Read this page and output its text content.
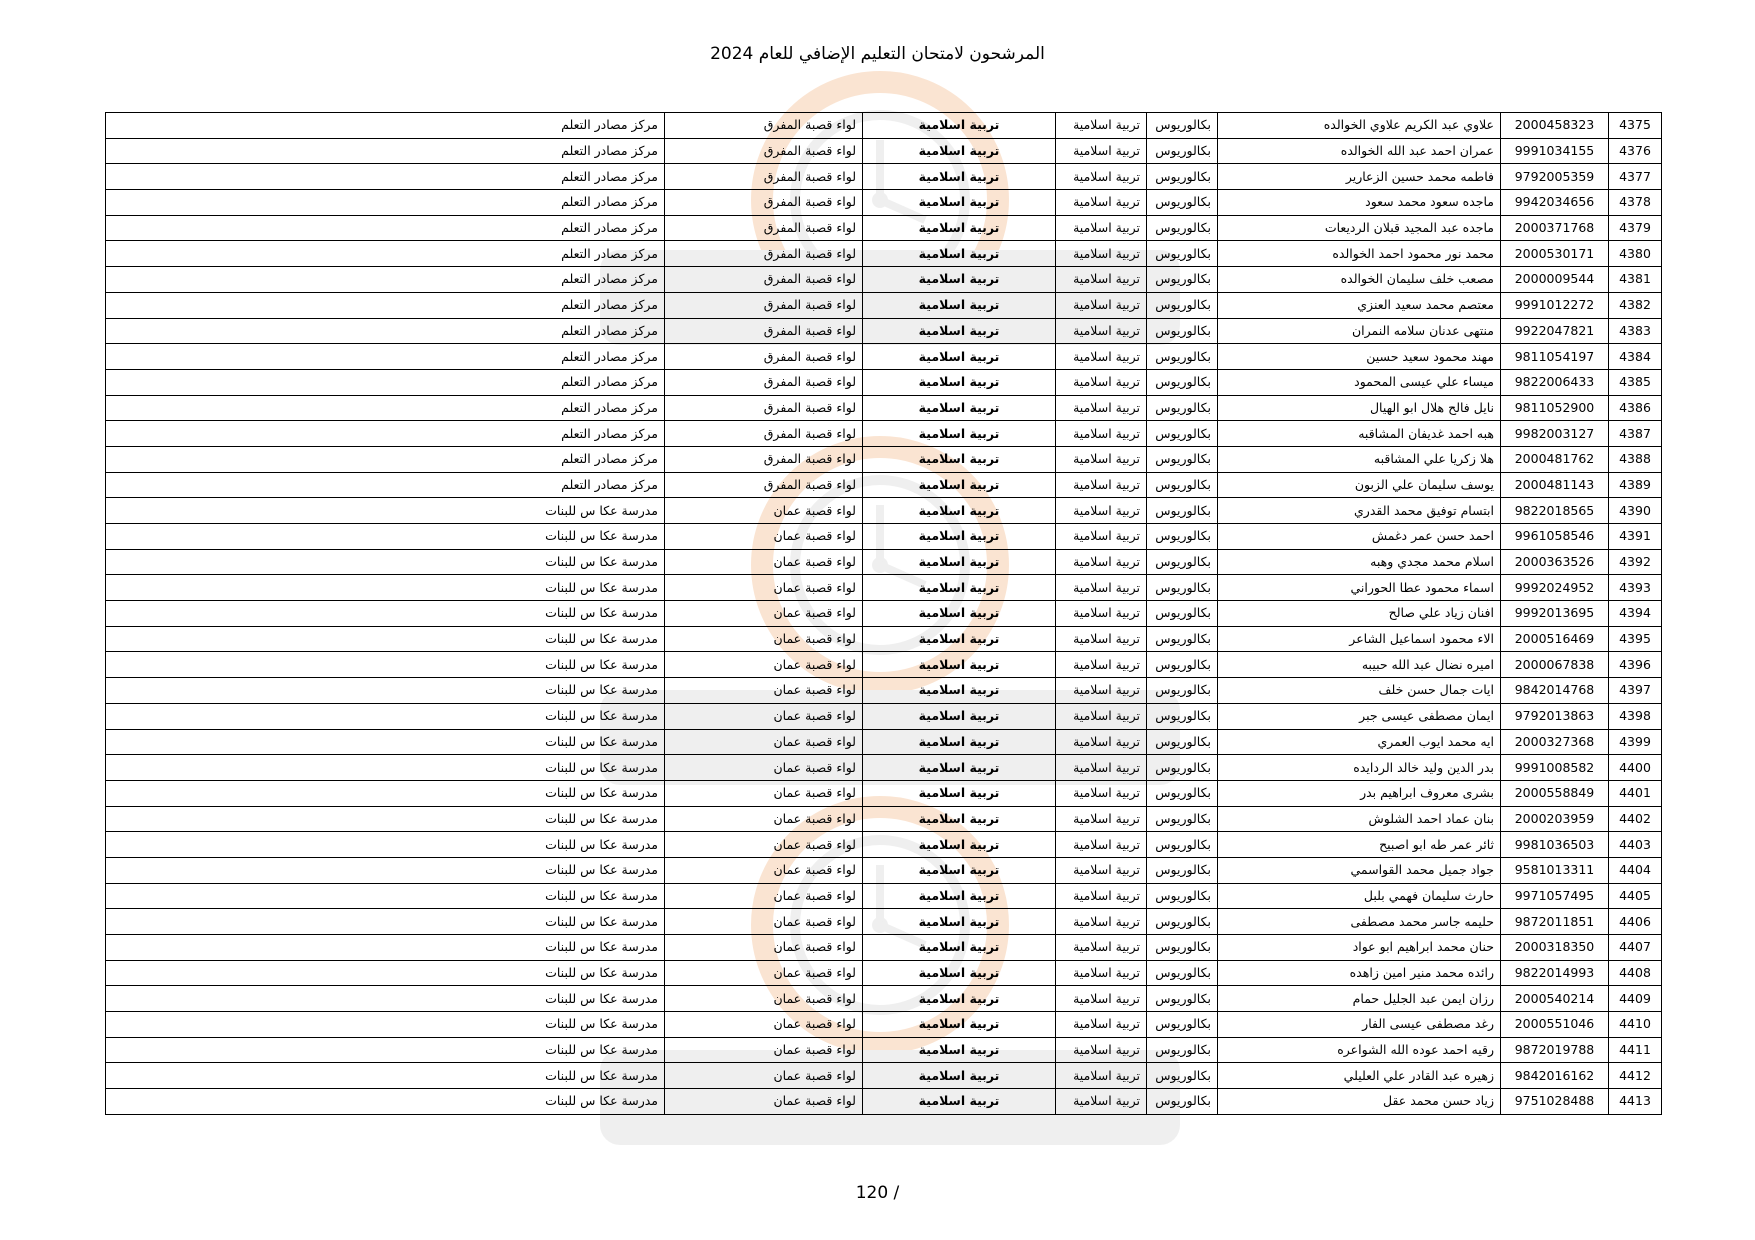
المرشحون لامتحان التعليم الإضافي للعام 2024
4375	2000458323	علاوي عبد الكريم علاوي الخوالده	بكالوريوس	تربية اسلامية	تربية اسلامية	لواء قصبة المفرق	مركز مصادر التعلم
4376	9991034155	عمران احمد عبد الله الخوالده	بكالوريوس	تربية اسلامية	تربية اسلامية	لواء قصبة المفرق	مركز مصادر التعلم
4377	9792005359	فاطمه محمد حسين الزعارير	بكالوريوس	تربية اسلامية	تربية اسلامية	لواء قصبة المفرق	مركز مصادر التعلم
4378	9942034656	ماجده سعود محمد سعود	بكالوريوس	تربية اسلامية	تربية اسلامية	لواء قصبة المفرق	مركز مصادر التعلم
4379	2000371768	ماجده عبد المجيد قبلان الرديعات	بكالوريوس	تربية اسلامية	تربية اسلامية	لواء قصبة المفرق	مركز مصادر التعلم
4380	2000530171	محمد نور محمود احمد الخوالده	بكالوريوس	تربية اسلامية	تربية اسلامية	لواء قصبة المفرق	مركز مصادر التعلم
4381	2000009544	مصعب خلف سليمان الخوالده	بكالوريوس	تربية اسلامية	تربية اسلامية	لواء قصبة المفرق	مركز مصادر التعلم
4382	9991012272	معتصم محمد سعيد العنزي	بكالوريوس	تربية اسلامية	تربية اسلامية	لواء قصبة المفرق	مركز مصادر التعلم
4383	9922047821	منتهى عدنان سلامه النمران	بكالوريوس	تربية اسلامية	تربية اسلامية	لواء قصبة المفرق	مركز مصادر التعلم
4384	9811054197	مهند محمود سعيد حسين	بكالوريوس	تربية اسلامية	تربية اسلامية	لواء قصبة المفرق	مركز مصادر التعلم
4385	9822006433	ميساء علي عيسى المحمود	بكالوريوس	تربية اسلامية	تربية اسلامية	لواء قصبة المفرق	مركز مصادر التعلم
4386	9811052900	نايل فالح هلال ابو الهيال	بكالوريوس	تربية اسلامية	تربية اسلامية	لواء قصبة المفرق	مركز مصادر التعلم
4387	9982003127	هبه احمد غديفان المشاقبه	بكالوريوس	تربية اسلامية	تربية اسلامية	لواء قصبة المفرق	مركز مصادر التعلم
4388	2000481762	هلا زكريا علي المشاقبه	بكالوريوس	تربية اسلامية	تربية اسلامية	لواء قصبة المفرق	مركز مصادر التعلم
4389	2000481143	يوسف سليمان علي الزبون	بكالوريوس	تربية اسلامية	تربية اسلامية	لواء قصبة المفرق	مركز مصادر التعلم
4390	9822018565	ابتسام توفيق محمد القدري	بكالوريوس	تربية اسلامية	تربية اسلامية	لواء قصبة عمان	مدرسة عكا س للبنات
4391	9961058546	احمد حسن عمر دغمش	بكالوريوس	تربية اسلامية	تربية اسلامية	لواء قصبة عمان	مدرسة عكا س للبنات
4392	2000363526	اسلام محمد مجدي وهبه	بكالوريوس	تربية اسلامية	تربية اسلامية	لواء قصبة عمان	مدرسة عكا س للبنات
4393	9992024952	اسماء محمود عطا الحوراني	بكالوريوس	تربية اسلامية	تربية اسلامية	لواء قصبة عمان	مدرسة عكا س للبنات
4394	9992013695	افنان زياد علي صالح	بكالوريوس	تربية اسلامية	تربية اسلامية	لواء قصبة عمان	مدرسة عكا س للبنات
4395	2000516469	الاء محمود اسماعيل الشاعر	بكالوريوس	تربية اسلامية	تربية اسلامية	لواء قصبة عمان	مدرسة عكا س للبنات
4396	2000067838	اميره نضال عبد الله حبيبه	بكالوريوس	تربية اسلامية	تربية اسلامية	لواء قصبة عمان	مدرسة عكا س للبنات
4397	9842014768	ايات جمال حسن خلف	بكالوريوس	تربية اسلامية	تربية اسلامية	لواء قصبة عمان	مدرسة عكا س للبنات
4398	9792013863	ايمان مصطفى عيسى جبر	بكالوريوس	تربية اسلامية	تربية اسلامية	لواء قصبة عمان	مدرسة عكا س للبنات
4399	2000327368	ايه محمد ايوب العمري	بكالوريوس	تربية اسلامية	تربية اسلامية	لواء قصبة عمان	مدرسة عكا س للبنات
4400	9991008582	بدر الدين وليد خالد الردايده	بكالوريوس	تربية اسلامية	تربية اسلامية	لواء قصبة عمان	مدرسة عكا س للبنات
4401	2000558849	بشرى معروف ابراهيم بدر	بكالوريوس	تربية اسلامية	تربية اسلامية	لواء قصبة عمان	مدرسة عكا س للبنات
4402	2000203959	بنان عماد احمد الشلوش	بكالوريوس	تربية اسلامية	تربية اسلامية	لواء قصبة عمان	مدرسة عكا س للبنات
4403	9981036503	ثائر عمر طه ابو اصبيح	بكالوريوس	تربية اسلامية	تربية اسلامية	لواء قصبة عمان	مدرسة عكا س للبنات
4404	9581013311	جواد جميل محمد القواسمي	بكالوريوس	تربية اسلامية	تربية اسلامية	لواء قصبة عمان	مدرسة عكا س للبنات
4405	9971057495	حارث سليمان فهمي بلبل	بكالوريوس	تربية اسلامية	تربية اسلامية	لواء قصبة عمان	مدرسة عكا س للبنات
4406	9872011851	حليمه جاسر محمد مصطفى	بكالوريوس	تربية اسلامية	تربية اسلامية	لواء قصبة عمان	مدرسة عكا س للبنات
4407	2000318350	حنان محمد ابراهيم ابو عواد	بكالوريوس	تربية اسلامية	تربية اسلامية	لواء قصبة عمان	مدرسة عكا س للبنات
4408	9822014993	رائده محمد منير امين زاهده	بكالوريوس	تربية اسلامية	تربية اسلامية	لواء قصبة عمان	مدرسة عكا س للبنات
4409	2000540214	رزان ايمن عبد الجليل حمام	بكالوريوس	تربية اسلامية	تربية اسلامية	لواء قصبة عمان	مدرسة عكا س للبنات
4410	2000551046	رغد مصطفى عيسى الفار	بكالوريوس	تربية اسلامية	تربية اسلامية	لواء قصبة عمان	مدرسة عكا س للبنات
4411	9872019788	رقيه احمد عوده الله الشواعره	بكالوريوس	تربية اسلامية	تربية اسلامية	لواء قصبة عمان	مدرسة عكا س للبنات
4412	9842016162	زهيره عبد القادر علي العليلي	بكالوريوس	تربية اسلامية	تربية اسلامية	لواء قصبة عمان	مدرسة عكا س للبنات
4413	9751028488	زياد حسن محمد عقل	بكالوريوس	تربية اسلامية	تربية اسلامية	لواء قصبة عمان	مدرسة عكا س للبنات
120 /
